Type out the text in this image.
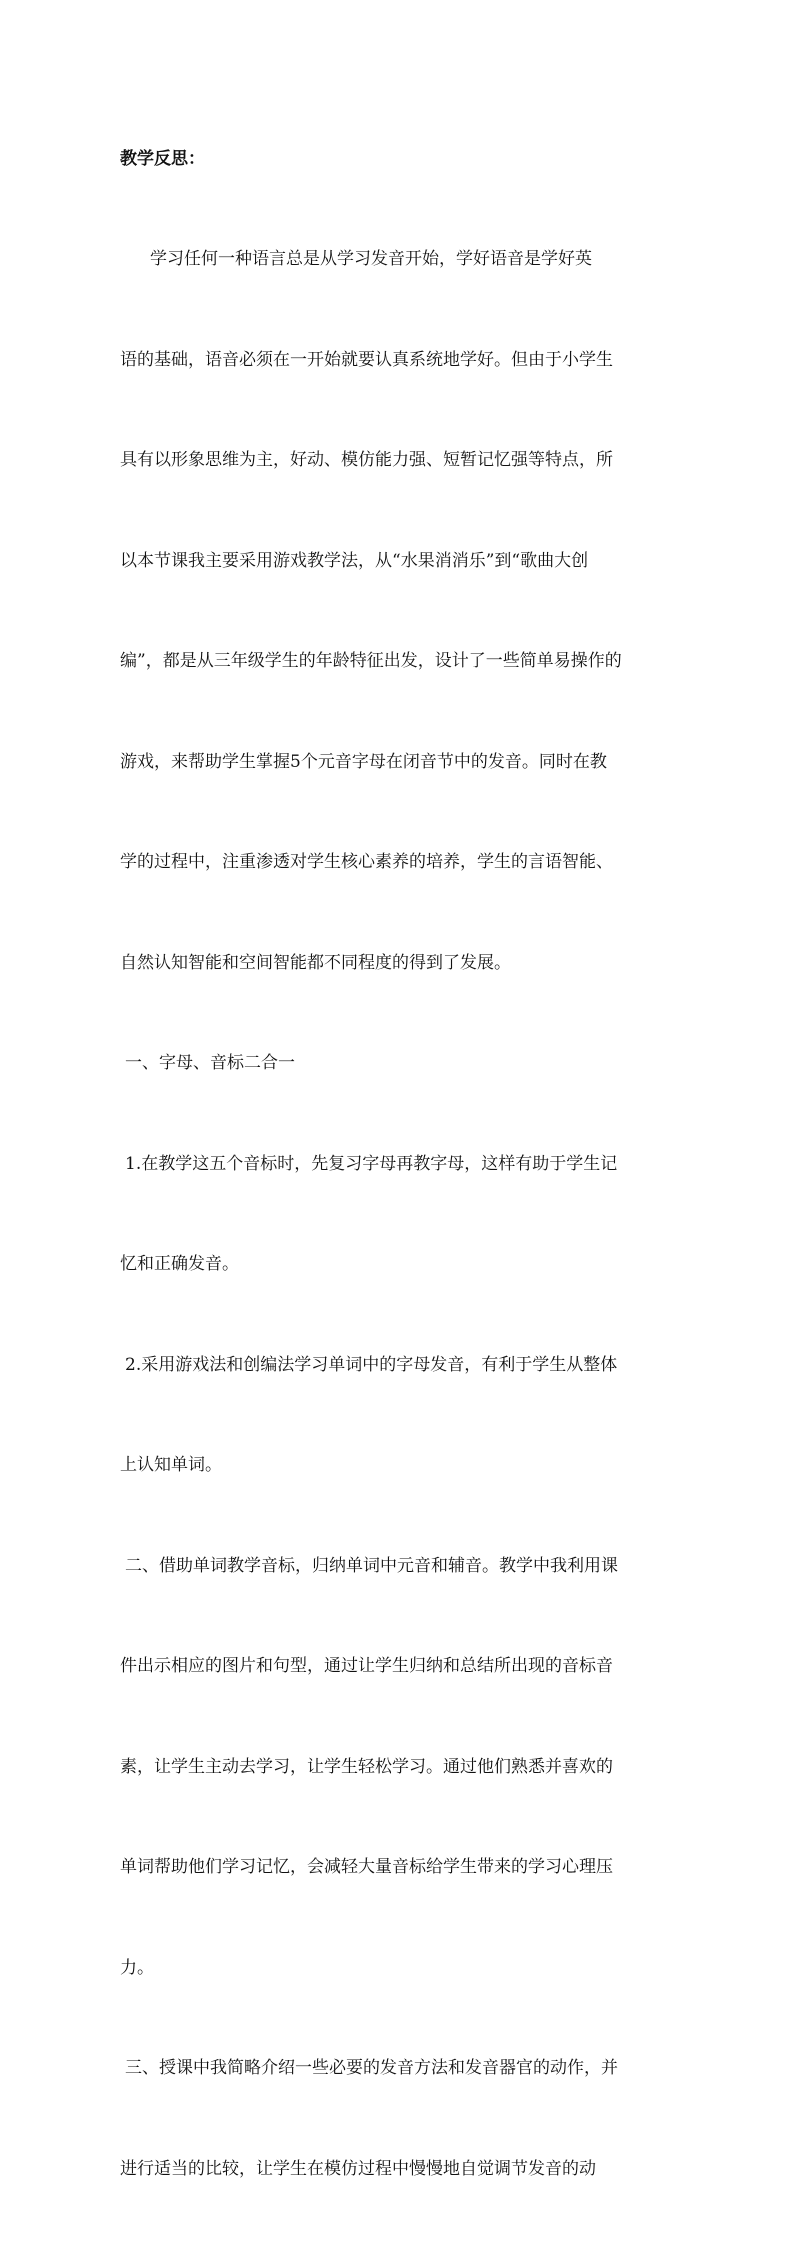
教学反思：

学习任何一种语言总是从学习发音开始，学好语音是学好英

语的基础，语音必须在一开始就要认真系统地学好。但由于小学生

具有以形象思维为主，好动、模仿能力强、短暂记忆强等特点，所

以本节课我主要采用游戏教学法，从“水果消消乐”到“歌曲大创

编”，都是从三年级学生的年龄特征出发，设计了一些简单易操作的

游戏，来帮助学生掌握5个元音字母在闭音节中的发音。同时在教

学的过程中，注重渗透对学生核心素养的培养，学生的言语智能、

自然认知智能和空间智能都不同程度的得到了发展。

一、字母、音标二合一

1.在教学这五个音标时，先复习字母再教字母，这样有助于学生记

忆和正确发音。

2.采用游戏法和创编法学习单词中的字母发音，有利于学生从整体

上认知单词。

二、借助单词教学音标，归纳单词中元音和辅音。教学中我利用课

件出示相应的图片和句型，通过让学生归纳和总结所出现的音标音

素，让学生主动去学习，让学生轻松学习。通过他们熟悉并喜欢的

单词帮助他们学习记忆，会减轻大量音标给学生带来的学习心理压

力。

三、授课中我简略介绍一些必要的发音方法和发音器官的动作，并

进行适当的比较，让学生在模仿过程中慢慢地自觉调节发音的动
